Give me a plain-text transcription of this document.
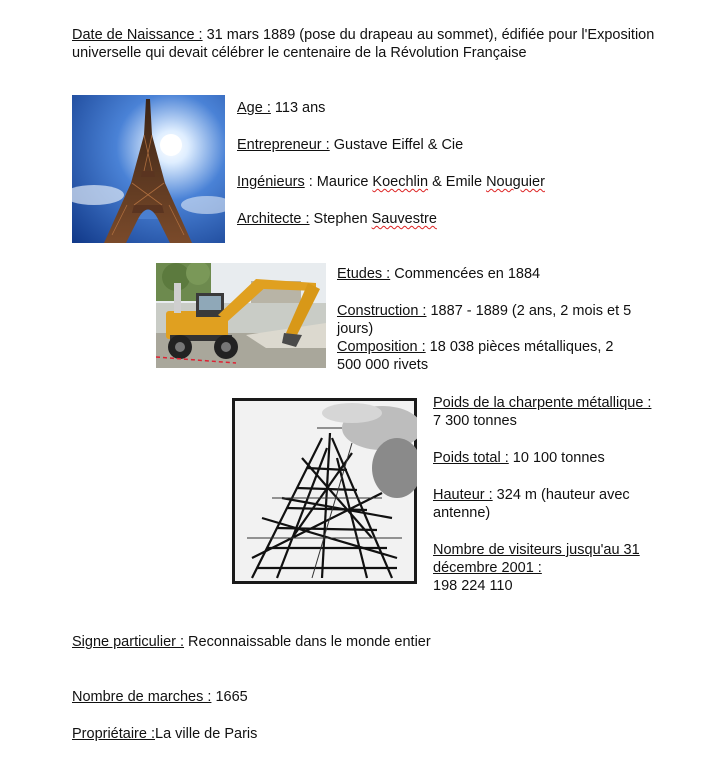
Date de Naissance : 31 mars 1889 (pose du drapeau au sommet), édifiée pour l'Exposition universelle qui devait célébrer le centenaire de la Révolution Française

Age : 113 ans

Entrepreneur : Gustave Eiffel & Cie

Ingénieurs : Maurice Koechlin & Emile Nouguier

Architecte : Stephen Sauvestre

Etudes : Commencées en 1884

Construction : 1887 - 1889 (2 ans, 2 mois et 5 jours)

Composition : 18 038 pièces métalliques, 2 500 000 rivets

Poids de la charpente métallique :

7 300 tonnes

Poids total : 10 100 tonnes

Hauteur : 324 m (hauteur avec antenne)

Nombre de visiteurs jusqu'au 31 décembre 2001 :

198 224 110

Signe particulier : Reconnaissable dans le monde entier

Nombre de marches : 1665

Propriétaire :La ville de Paris
